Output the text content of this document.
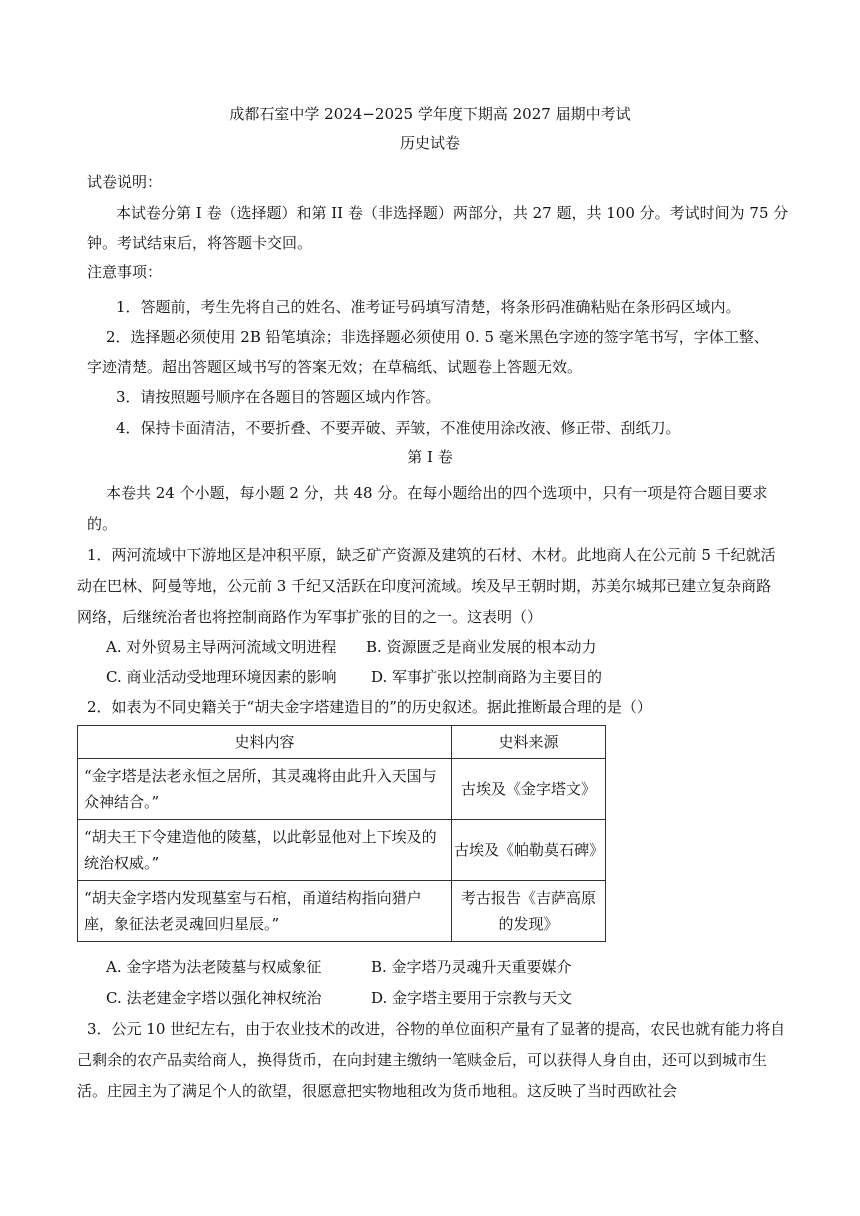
成都石室中学 2024−2025 学年度下期高 2027 届期中考试
历史试卷
试卷说明：
本试卷分第 I 卷（选择题）和第 II 卷（非选择题）两部分，共 27 题，共 100 分。考试时间为 75 分
钟。考试结束后，将答题卡交回。
注意事项：
1．答题前，考生先将自己的姓名、准考证号码填写清楚，将条形码准确粘贴在条形码区域内。
2．选择题必须使用 2B 铅笔填涂；非选择题必须使用 0. 5 毫米黑色字迹的签字笔书写，字体工整、
字迹清楚。超出答题区域书写的答案无效；在草稿纸、试题卷上答题无效。
3．请按照题号顺序在各题目的答题区域内作答。
4．保持卡面清洁，不要折叠、不要弄破、弄皱，不准使用涂改液、修正带、刮纸刀。
第 I 卷
本卷共 24 个小题，每小题 2 分，共 48 分。在每小题给出的四个选项中，只有一项是符合题目要求
的。
1．两河流域中下游地区是冲积平原，缺乏矿产资源及建筑的石材、木材。此地商人在公元前 5 千纪就活
动在巴林、阿曼等地，公元前 3 千纪又活跃在印度河流域。埃及早王朝时期，苏美尔城邦已建立复杂商路
网络，后继统治者也将控制商路作为军事扩张的目的之一。这表明（）
A. 对外贸易主导两河流域文明进程 B. 资源匮乏是商业发展的根本动力
C. 商业活动受地理环境因素的影响 D. 军事扩张以控制商路为主要目的
2．如表为不同史籍关于“胡夫金字塔建造目的”的历史叙述。据此推断最合理的是（）
史料内容	史料来源
“金字塔是法老永恒之居所，其灵魂将由此升入天国与众神结合。”	古埃及《金字塔文》
“胡夫王下令建造他的陵墓，以此彰显他对上下埃及的统治权威。”	古埃及《帕勒莫石碑》
“胡夫金字塔内发现墓室与石棺，甬道结构指向猎户座，象征法老灵魂回归星辰。”	考古报告《吉萨高原的发现》
A. 金字塔为法老陵墓与权威象征	B. 金字塔乃灵魂升天重要媒介
C. 法老建金字塔以强化神权统治	D. 金字塔主要用于宗教与天文
3．公元 10 世纪左右，由于农业技术的改进，谷物的单位面积产量有了显著的提高，农民也就有能力将自
己剩余的农产品卖给商人，换得货币，在向封建主缴纳一笔赎金后，可以获得人身自由，还可以到城市生
活。庄园主为了满足个人的欲望，很愿意把实物地租改为货币地租。这反映了当时西欧社会
